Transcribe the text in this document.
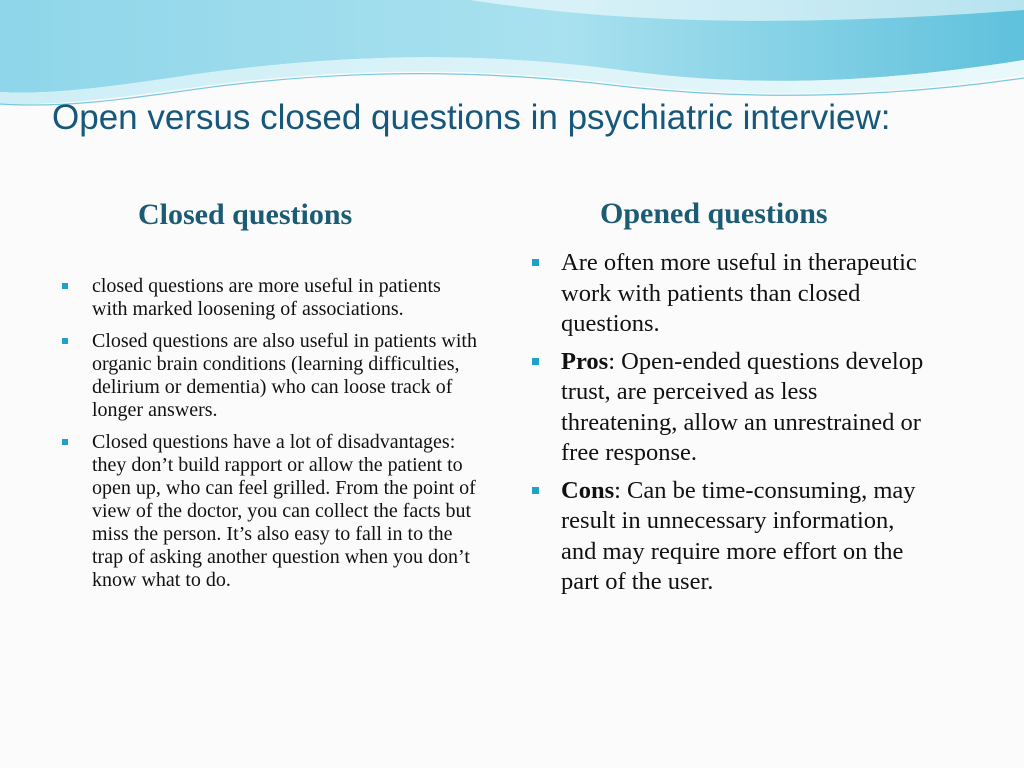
Open versus closed questions in psychiatric interview:
Closed questions	Opened questions
closed questions are more useful in patients with marked loosening of associations.
Closed questions are also useful in patients with organic brain conditions (learning difficulties, delirium or dementia) who can loose track of longer answers.
Closed questions have a lot of disadvantages: they don’t build rapport or allow the patient to open up, who can feel grilled. From the point of view of the doctor, you can collect the facts but miss the person. It’s also easy to fall in to the trap of asking another question when you don’t know what to do.
Are often more useful in therapeutic work with patients than closed questions.
Pros: Open-ended questions develop trust, are perceived as less threatening, allow an unrestrained or free response.
Cons: Can be time-consuming, may result in unnecessary information, and may require more effort on the part of the user.
